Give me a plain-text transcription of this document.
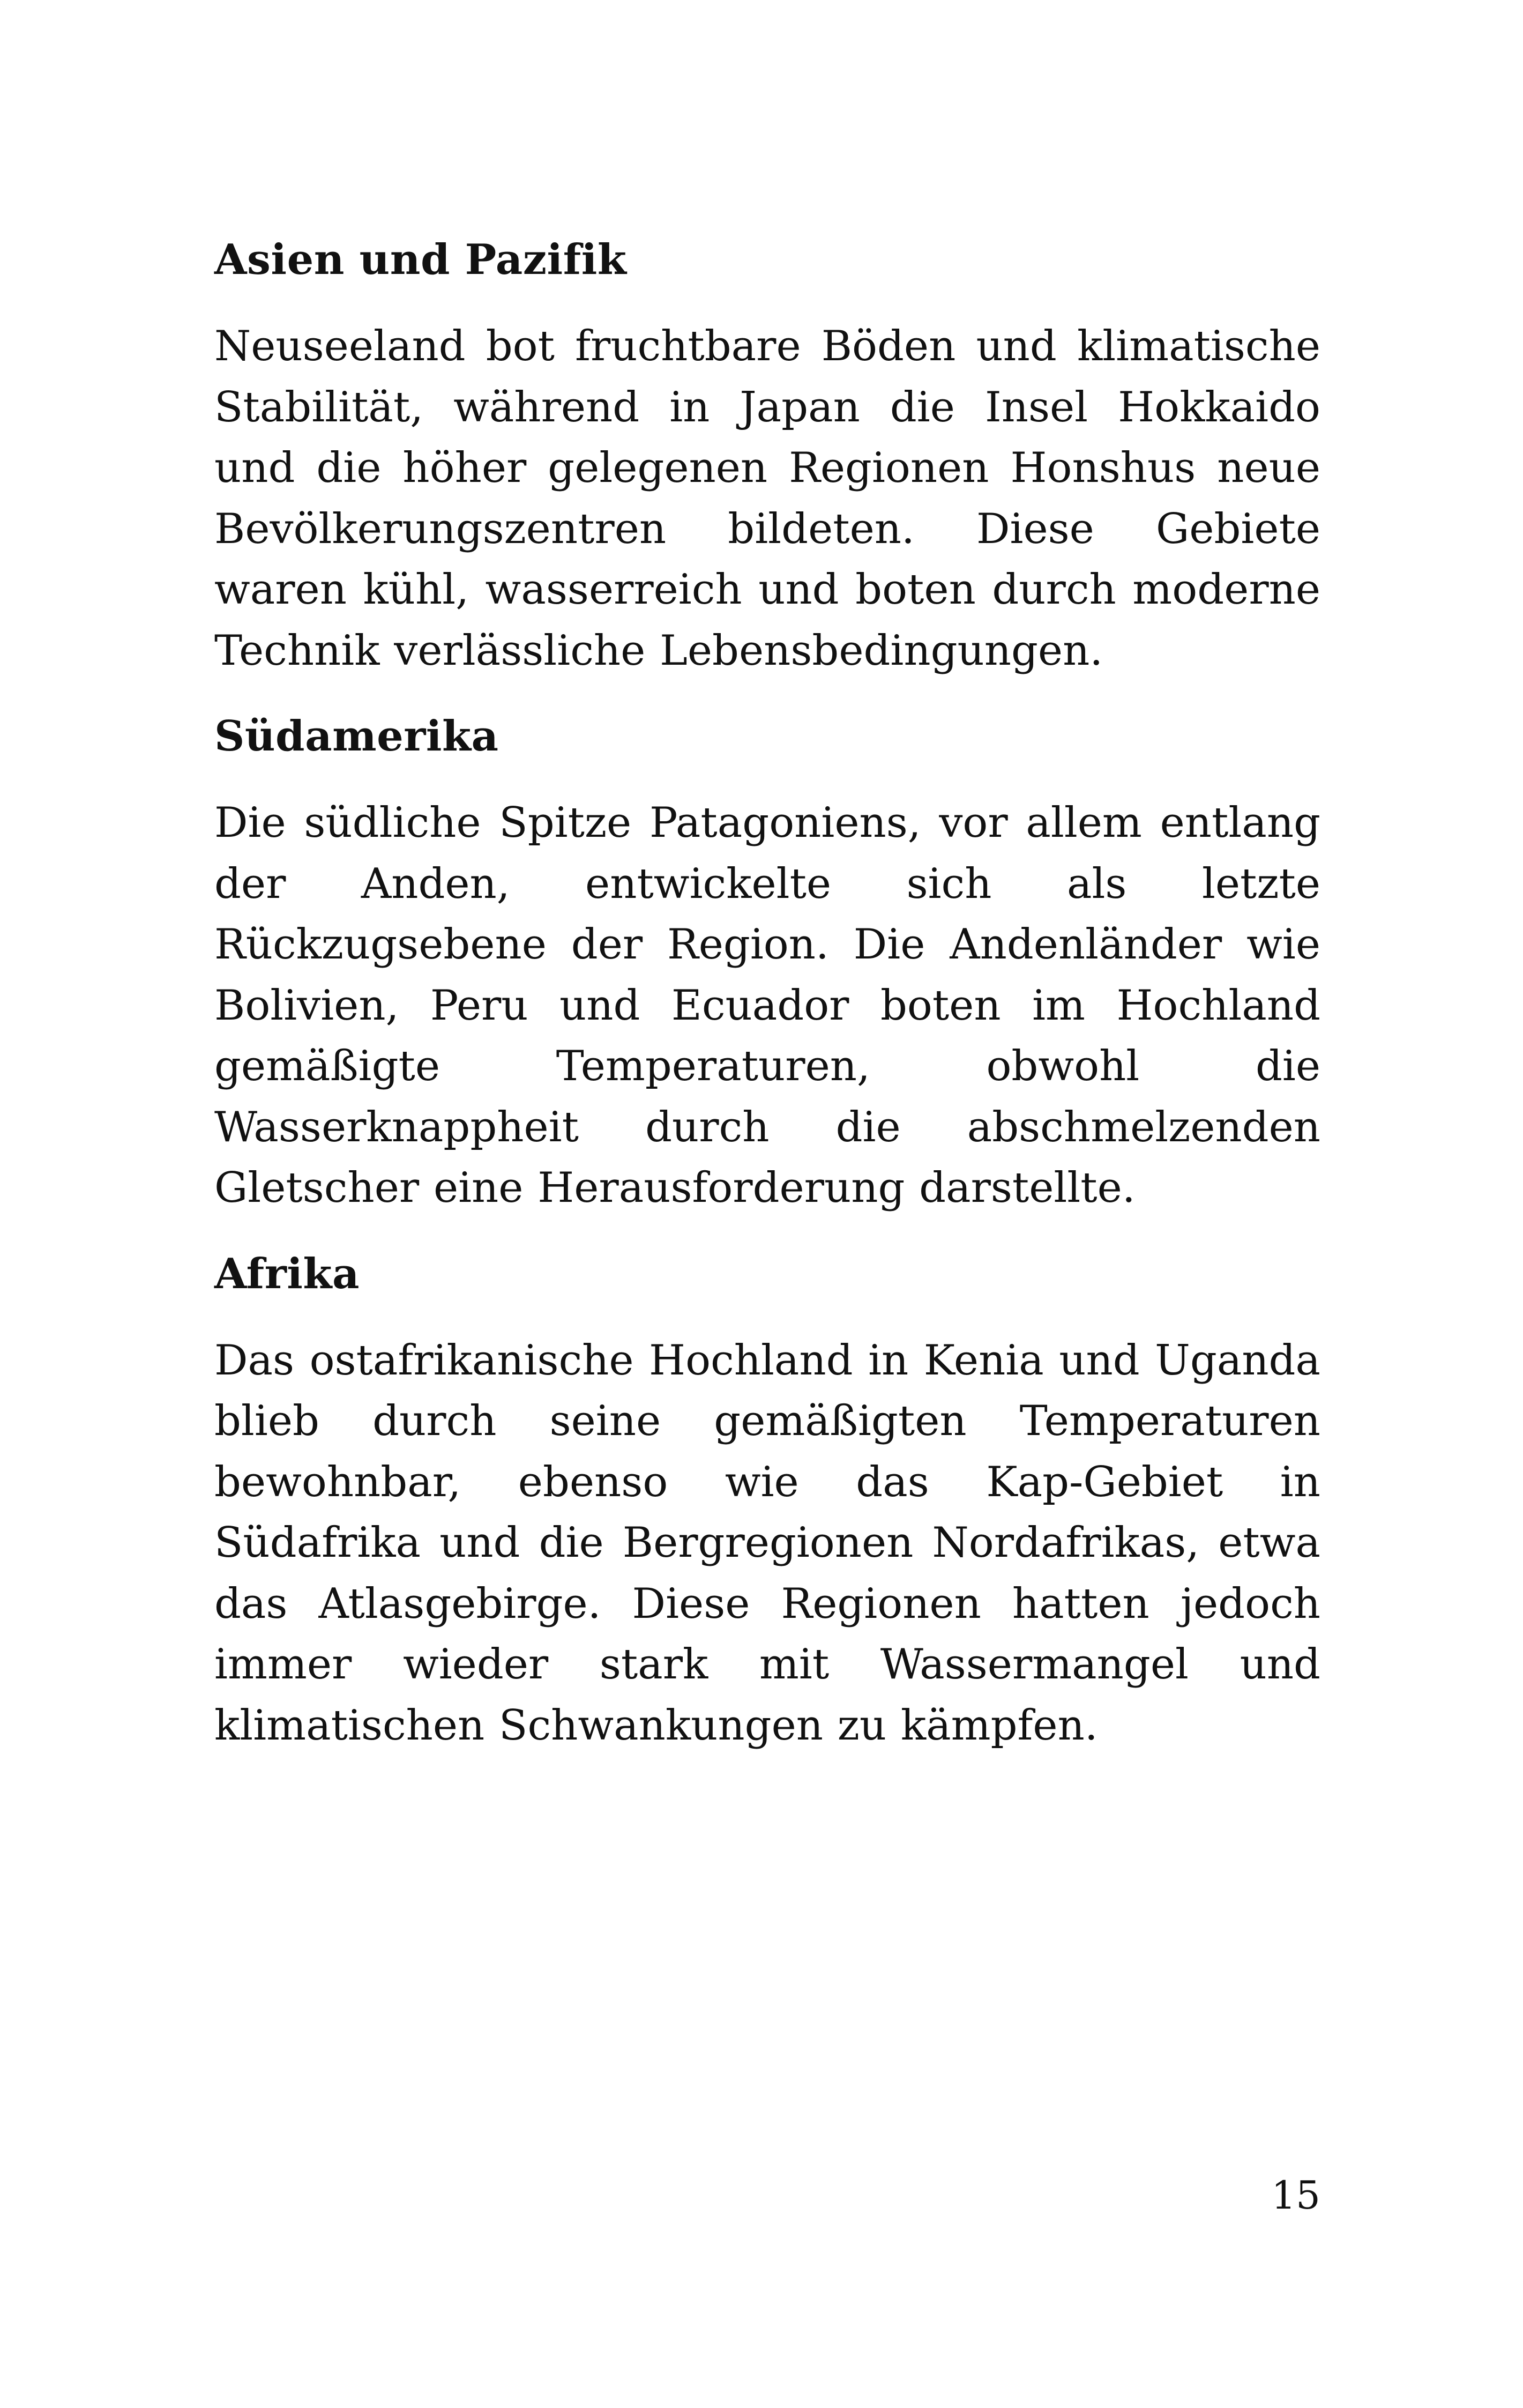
Asien und Pazifik

Neuseeland bot fruchtbare Böden und klimatische Stabilität, während in Japan die Insel Hokkaido und die höher gelegenen Regionen Honshus neue Bevölkerungszentren bildeten. Diese Gebiete waren kühl, wasserreich und boten durch moderne Technik verlässliche Lebensbedingungen.

Südamerika

Die südliche Spitze Patagoniens, vor allem entlang der Anden, entwickelte sich als letzte Rückzugsebene der Region. Die Andenländer wie Bolivien, Peru und Ecuador boten im Hochland gemäßigte Temperaturen, obwohl die Wasserknappheit durch die abschmelzenden Gletscher eine Herausforderung darstellte.

Afrika

Das ostafrikanische Hochland in Kenia und Uganda blieb durch seine gemäßigten Temperaturen bewohnbar, ebenso wie das Kap-Gebiet in Südafrika und die Bergregionen Nordafrikas, etwa das Atlasgebirge. Diese Regionen hatten jedoch immer wieder stark mit Wassermangel und klimatischen Schwankungen zu kämpfen.

15
